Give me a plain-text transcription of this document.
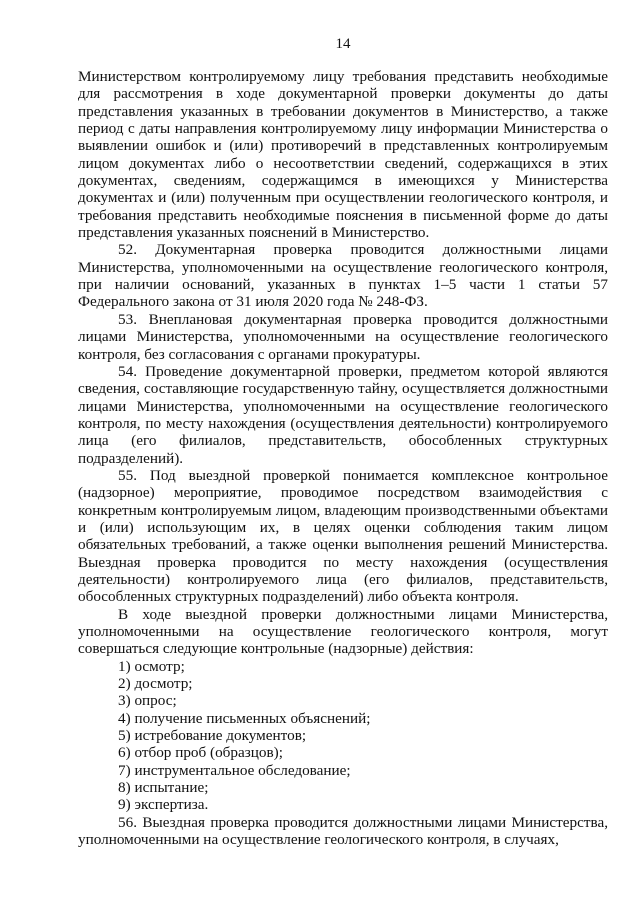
14

Министерством контролируемому лицу требования представить необходимые для рассмотрения в ходе документарной проверки документы до даты представления указанных в требовании документов в Министерство, а также период с даты направления контролируемому лицу информации Министерства о выявлении ошибок и (или) противоречий в представленных контролируемым лицом документах либо о несоответствии сведений, содержащихся в этих документах, сведениям, содержащимся в имеющихся у Министерства документах и (или) полученным при осуществлении геологического контроля, и требования представить необходимые пояснения в письменной форме до даты представления указанных пояснений в Министерство.

52. Документарная проверка проводится должностными лицами Министерства, уполномоченными на осуществление геологического контроля, при наличии оснований, указанных в пунктах 1–5 части 1 статьи 57 Федерального закона от 31 июля 2020 года № 248-ФЗ.

53. Внеплановая документарная проверка проводится должностными лицами Министерства, уполномоченными на осуществление геологического контроля, без согласования с органами прокуратуры.

54. Проведение документарной проверки, предметом которой являются сведения, составляющие государственную тайну, осуществляется должностными лицами Министерства, уполномоченными на осуществление геологического контроля, по месту нахождения (осуществления деятельности) контролируемого лица (его филиалов, представительств, обособленных структурных подразделений).

55. Под выездной проверкой понимается комплексное контрольное (надзорное) мероприятие, проводимое посредством взаимодействия с конкретным контролируемым лицом, владеющим производственными объектами и (или) использующим их, в целях оценки соблюдения таким лицом обязательных требований, а также оценки выполнения решений Министерства. Выездная проверка проводится по месту нахождения (осуществления деятельности) контролируемого лица (его филиалов, представительств, обособленных структурных подразделений) либо объекта контроля.

В ходе выездной проверки должностными лицами Министерства, уполномоченными на осуществление геологического контроля, могут совершаться следующие контрольные (надзорные) действия:

1) осмотр;

2) досмотр;

3) опрос;

4) получение письменных объяснений;

5) истребование документов;

6) отбор проб (образцов);

7) инструментальное обследование;

8) испытание;

9) экспертиза.

56. Выездная проверка проводится должностными лицами Министерства, уполномоченными на осуществление геологического контроля, в случаях,
